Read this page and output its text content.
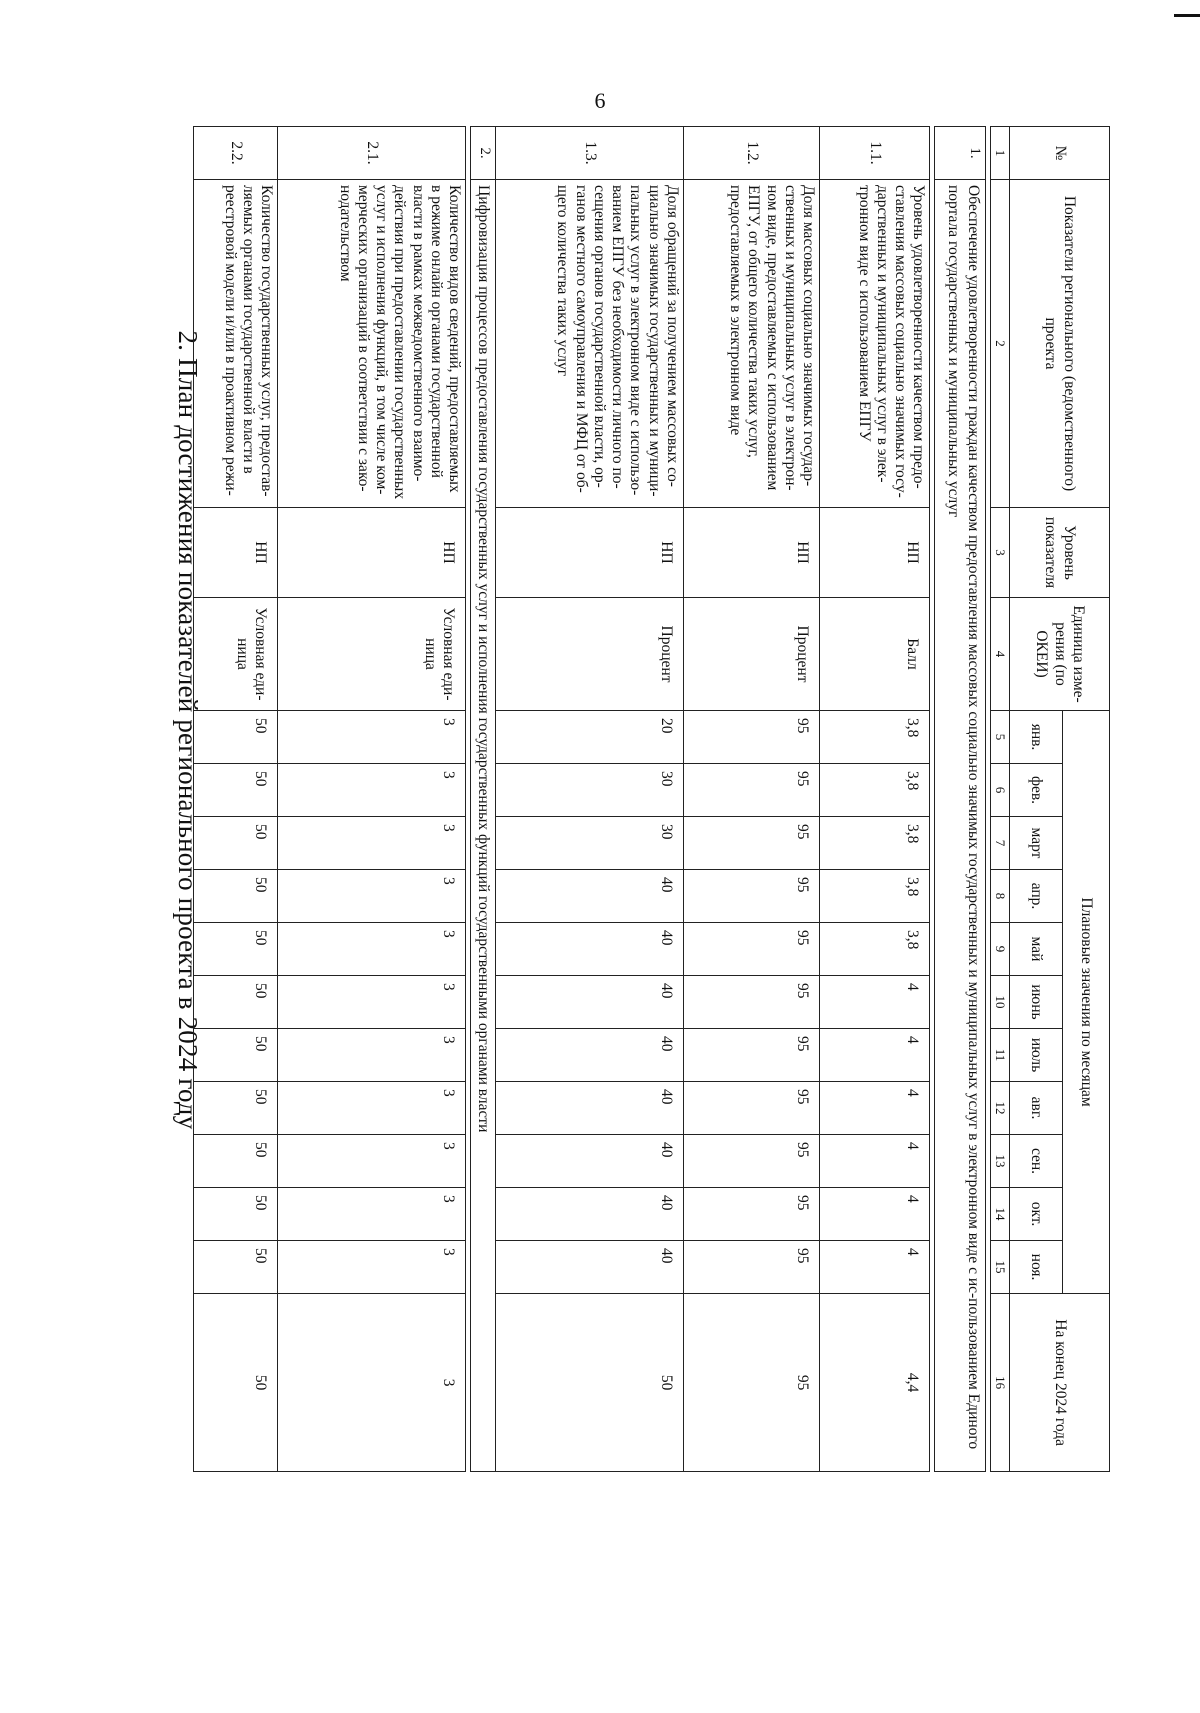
6
2. План достижения показателей регионального проекта в 2024 году
№	Показатели регионального (ведомственного) проекта	Уровень показателя	Единица изме-рения (по ОКЕИ)	Плановые значения по месяцам											На конец 2024 года
				янв.	фев.	март	апр.	май	июнь	июль	авг.	сен.	окт.	ноя.	
1	2	3	4	5	6	7	8	9	10	11	12	13	14	15	16

1.	Обеспечение удовлетворенности граждан качеством предоставления массовых социально значимых государственных и муниципальных услуг в электронном виде с ис-пользованием Единого портала государственных и муниципальных услуг														

1.1.	Уровень удовлетворенности качеством предо-ставления массовых социально значимых госу-дарственных и муниципальных услуг в элек-тронном виде с использованием ЕПГУ	НП	Балл	3,8	3,8	3,8	3,8	3,8	4	4	4	4	4	4	4,4
1.2.	Доля массовых социально значимых государ-ственных и муниципальных услуг в электрон-ном виде, предоставляемых с использованием ЕПГУ, от общего количества таких услуг, предоставляемых в электронном виде	НП	Процент	95	95	95	95	95	95	95	95	95	95	95	95
1.3.	Доля обращений за получением массовых со-циально значимых государственных и муници-пальных услуг в электронном виде с использо-ванием ЕПГУ без необходимости личного по-сещения органов государственной власти, ор-ганов местного самоуправления и МФЦ от об-щего количества таких услуг	НП	Процент	20	30	30	40	40	40	40	40	40	40	40	50
2.	Цифровизация процессов предоставления государственных услуг и исполнения государственных функций государственными органами власти														

2.1.	Количество видов сведений, предоставляемых в режиме онлайн органами государственной власти в рамках межведомственного взаимо-действия при предоставлении государственных услуг и исполнения функций, в том числе ком-мерческих организаций в соответствии с зако-нодательством	НП	Условная еди-ница	3	3	3	3	3	3	3	3	3	3	3	3
2.2.	Количество государственных услуг, предостав-ляемых органами государственной власти в реестровой модели и/или в проактивном режи-	НП	Условная еди-ница	50	50	50	50	50	50	50	50	50	50	50	50
